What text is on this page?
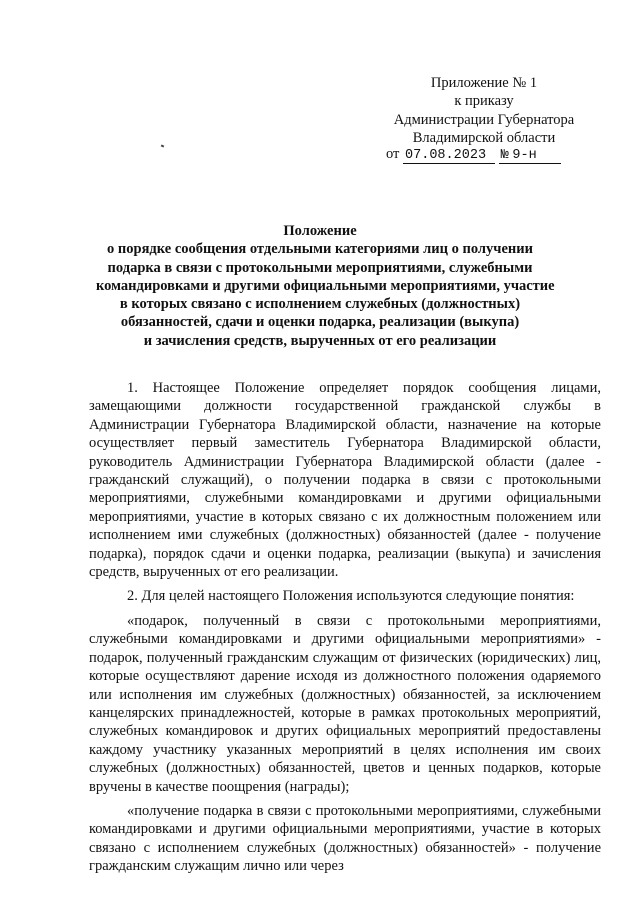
Приложение № 1
к приказу
Администрации Губернатора
Владимирской области
от 07.08.2023 № 9-н
Положение
о порядке сообщения отдельными категориями лиц о получении
подарка в связи с протокольными мероприятиями, служебными
командировками и другими официальными мероприятиями, участие
в которых связано с исполнением служебных (должностных)
обязанностей, сдачи и оценки подарка, реализации (выкупа)
и зачисления средств, вырученных от его реализации

1. Настоящее Положение определяет порядок сообщения лицами, замещающими должности государственной гражданской службы в Администрации Губернатора Владимирской области, назначение на которые осуществляет первый заместитель Губернатора Владимирской области, руководитель Администрации Губернатора Владимирской области (далее - гражданский служащий), о получении подарка в связи с протокольными мероприятиями, служебными командировками и другими официальными мероприятиями, участие в которых связано с их должностным положением или исполнением ими служебных (должностных) обязанностей (далее - получение подарка), порядок сдачи и оценки подарка, реализации (выкупа) и зачисления средств, вырученных от его реализации.

2. Для целей настоящего Положения используются следующие понятия:

«подарок, полученный в связи с протокольными мероприятиями, служебными командировками и другими официальными мероприятиями» - подарок, полученный гражданским служащим от физических (юридических) лиц, которые осуществляют дарение исходя из должностного положения одаряемого или исполнения им служебных (должностных) обязанностей, за исключением канцелярских принадлежностей, которые в рамках протокольных мероприятий, служебных командировок и других официальных мероприятий предоставлены каждому участнику указанных мероприятий в целях исполнения им своих служебных (должностных) обязанностей, цветов и ценных подарков, которые вручены в качестве поощрения (награды);

«получение подарка в связи с протокольными мероприятиями, служебными командировками и другими официальными мероприятиями, участие в которых связано с исполнением служебных (должностных) обязанностей» - получение гражданским служащим лично или через
